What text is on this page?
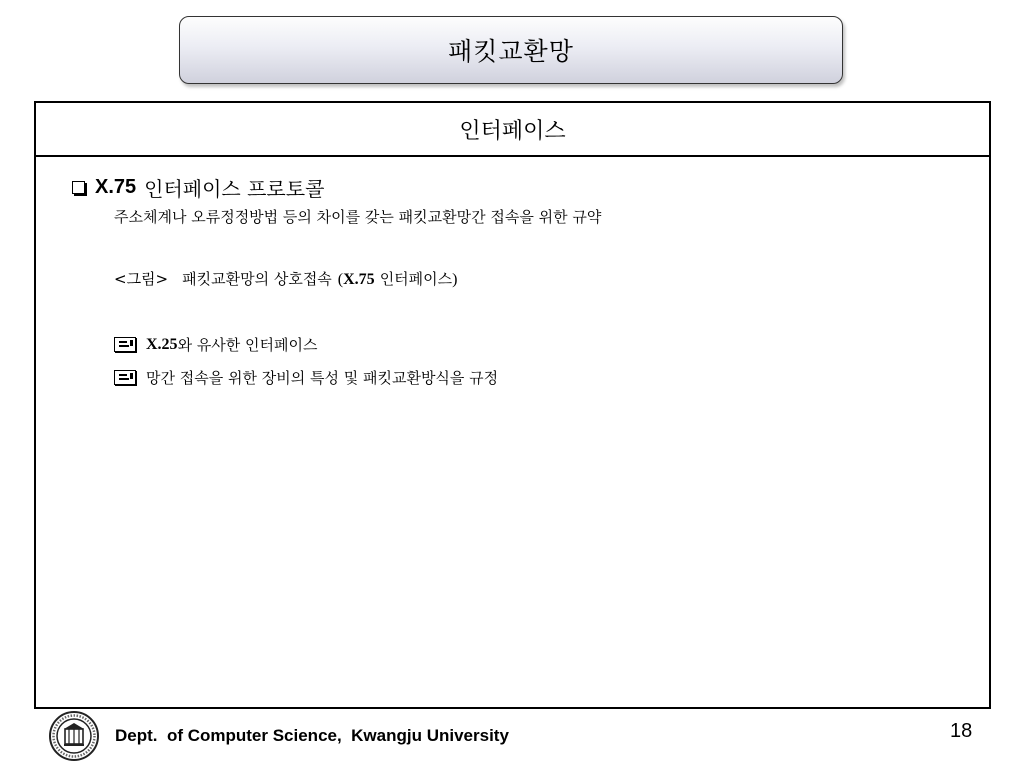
패킷교환망
인터페이스
X.75 인터페이스 프로토콜
주소체계나 오류정정방법 등의 차이를 갖는 패킷교환망간 접속을 위한 규약
<그림> 패킷교환망의 상호접속 ( X.75 인터페이스 )
X.25 와 유사한 인터페이스
망간 접속을 위한 장비의 특성 및 패킷교환방식을 규정
Dept.  of Computer Science,  Kwangju University	18
